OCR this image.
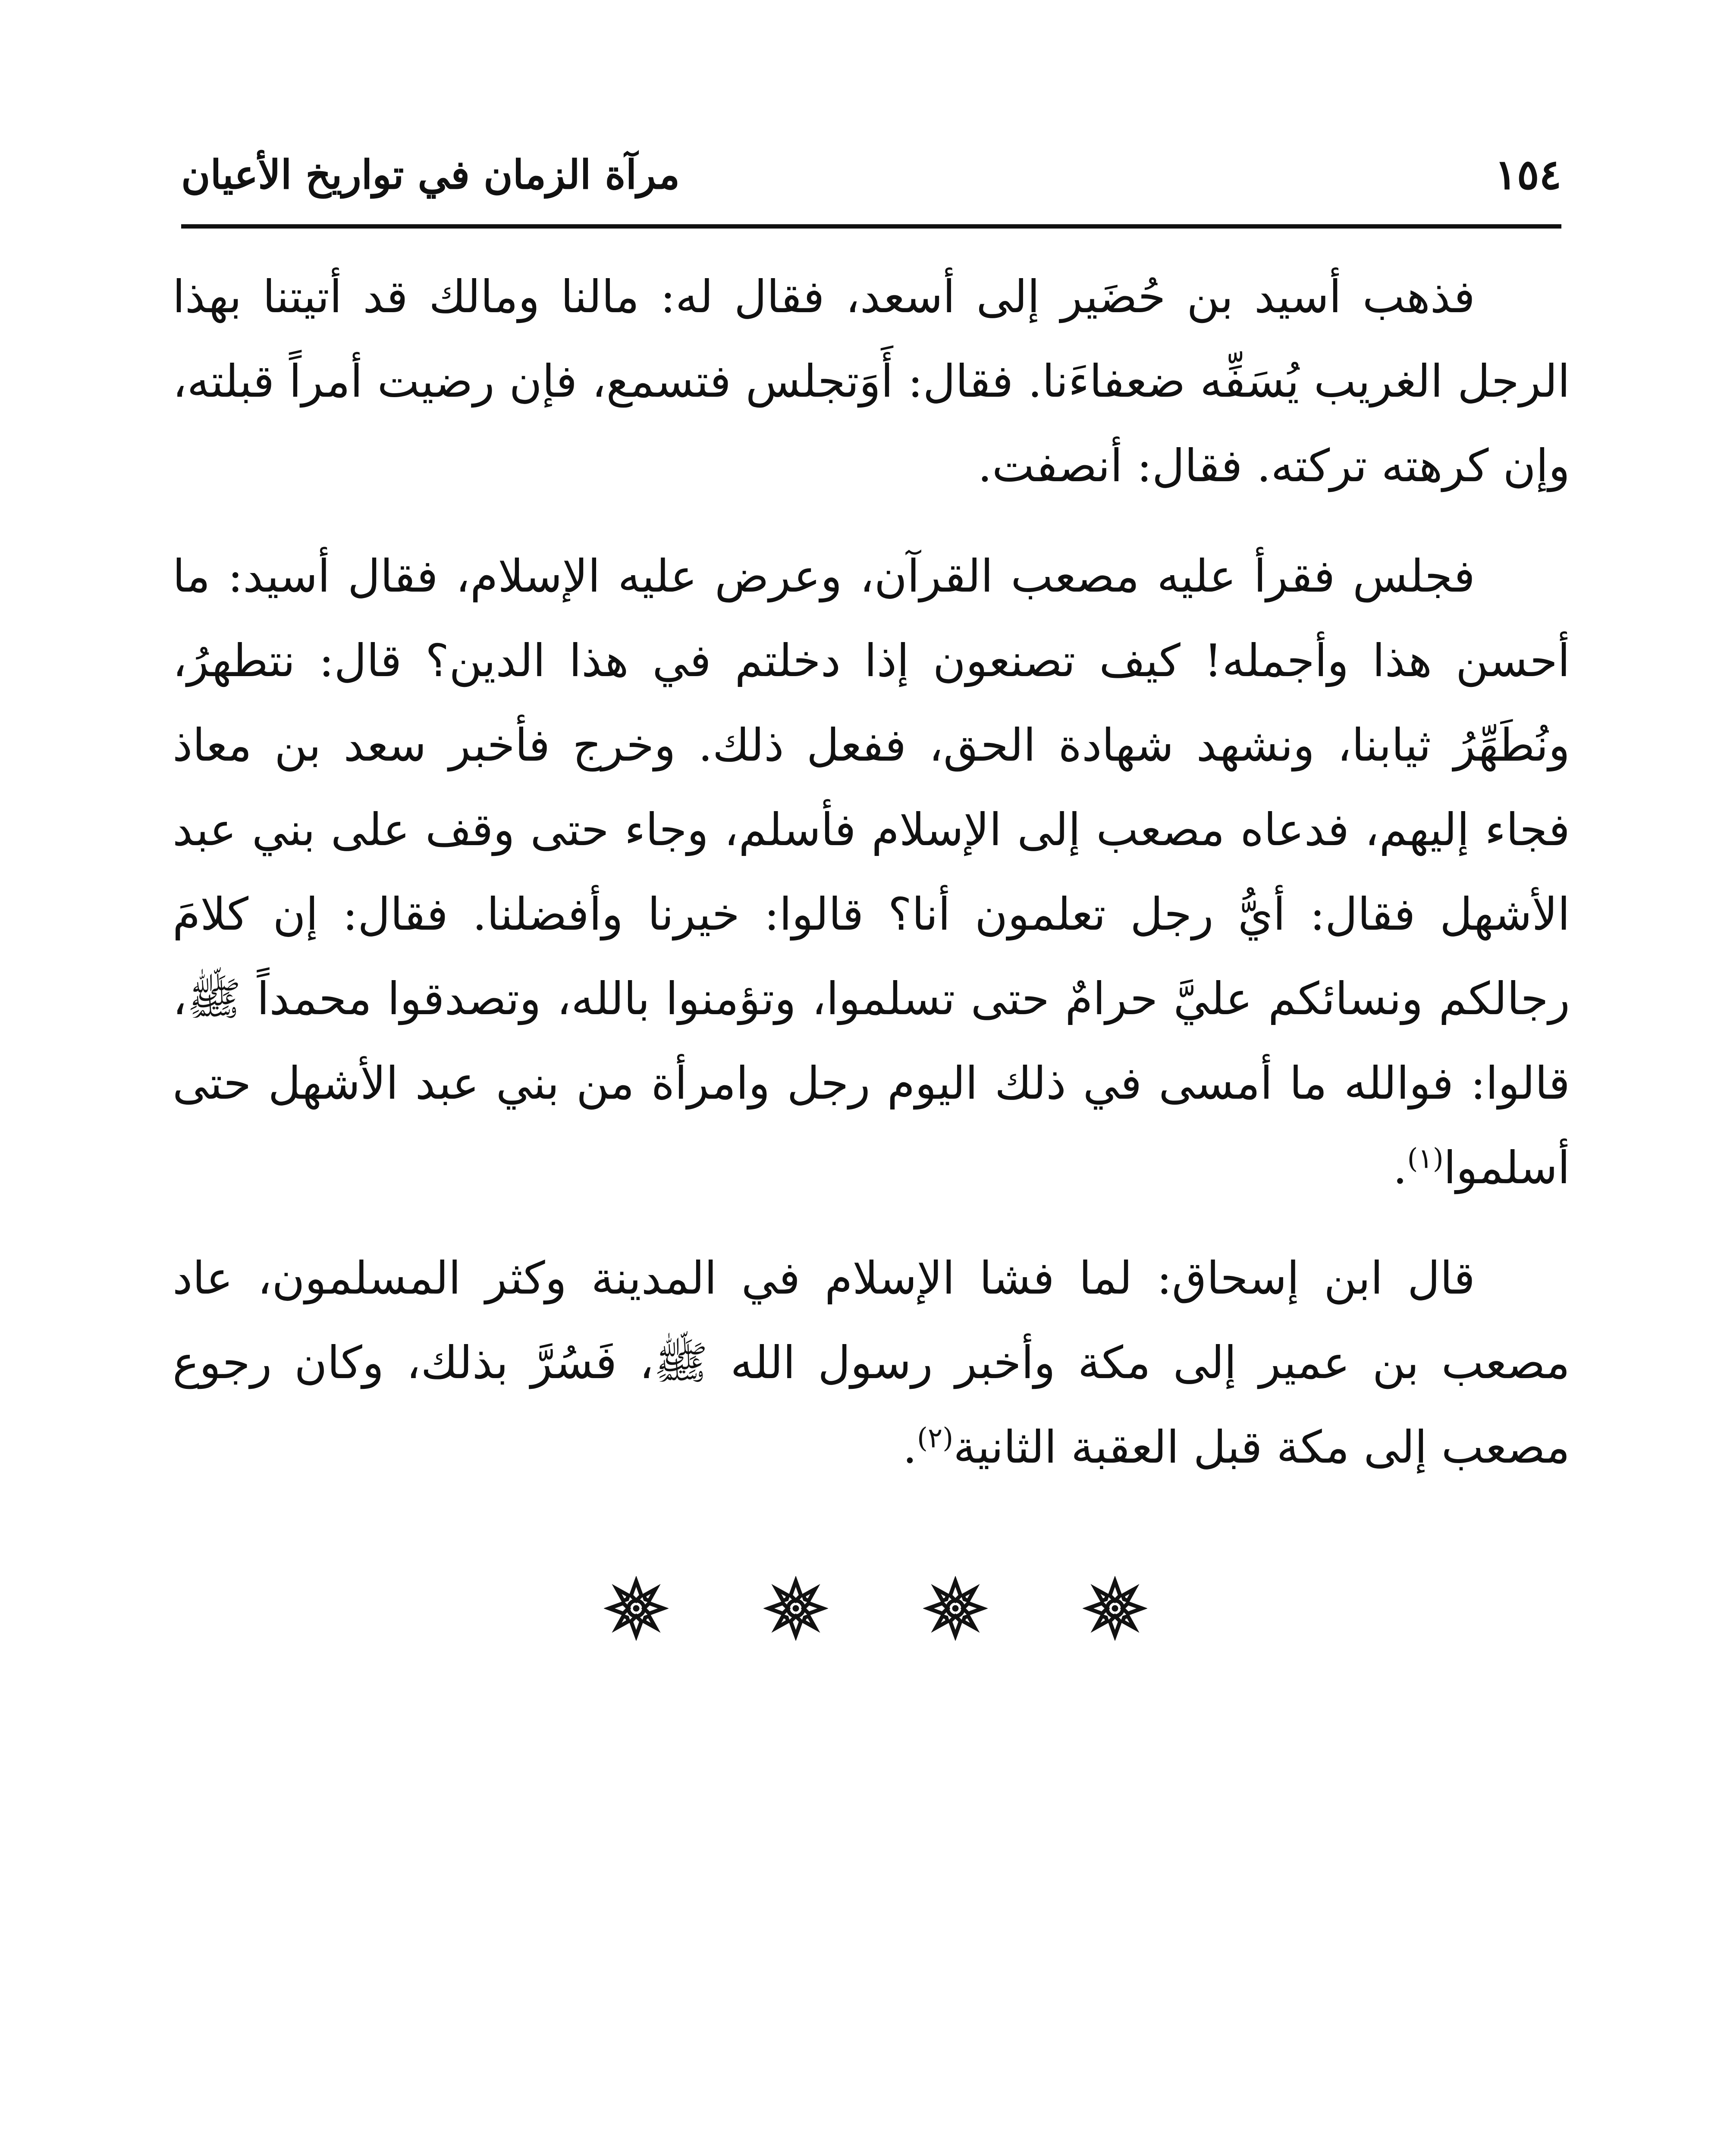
١٥٤
مرآة الزمان في تواريخ الأعيان

فذهب أسيد بن حُضَير إلى أسعد، فقال له: مالنا ومالك قد أتيتنا بهذا الرجل الغريب يُسَفِّه ضعفاءَنا. فقال: أَوَتجلس فتسمع، فإن رضيت أمراً قبلته، وإن كرهته تركته. فقال: أنصفت.

فجلس فقرأ عليه مصعب القرآن، وعرض عليه الإسلام، فقال أسيد: ما أحسن هذا وأجمله! كيف تصنعون إذا دخلتم في هذا الدين؟ قال: نتطهرُ، ونُطَهِّرُ ثيابنا، ونشهد شهادة الحق، ففعل ذلك. وخرج فأخبر سعد بن معاذ فجاء إليهم، فدعاه مصعب إلى الإسلام فأسلم، وجاء حتى وقف على بني عبد الأشهل فقال: أيُّ رجل تعلمون أنا؟ قالوا: خيرنا وأفضلنا. فقال: إن كلامَ رجالكم ونسائكم عليَّ حرامٌ حتى تسلموا، وتؤمنوا بالله، وتصدقوا محمداً ﷺ، قالوا: فوالله ما أمسى في ذلك اليوم رجل وامرأة من بني عبد الأشهل حتى أسلموا$^{(١)}$.

قال ابن إسحاق: لما فشا الإسلام في المدينة وكثر المسلمون، عاد مصعب بن عمير إلى مكة وأخبر رسول الله ﷺ، فَسُرَّ بذلك، وكان رجوع مصعب إلى مكة قبل العقبة الثانية$^{(٢)}$.
